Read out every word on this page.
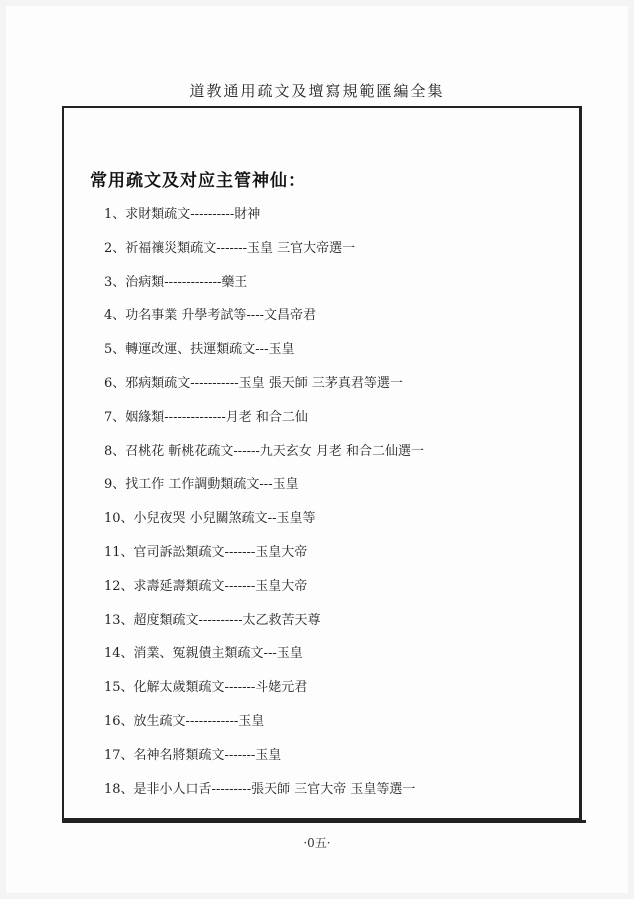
道教通用疏文及壇寫規範匯編全集
常用疏文及对应主管神仙：
1、求財類疏文----------財神
2、祈福禳災類疏文-------玉皇 三官大帝選一
3、治病類-------------藥王
4、功名事業 升學考試等----文昌帝君
5、轉運改運、扶運類疏文---玉皇
6、邪病類疏文-----------玉皇 張天師 三茅真君等選一
7、姻緣類--------------月老 和合二仙
8、召桃花 斬桃花疏文------九天玄女 月老 和合二仙選一
9、找工作 工作調動類疏文---玉皇
10、小兒夜哭 小兒關煞疏文--玉皇等
11、官司訴訟類疏文-------玉皇大帝
12、求壽延壽類疏文-------玉皇大帝
13、超度類疏文----------太乙救苦天尊
14、消業、冤親債主類疏文---玉皇
15、化解太歲類疏文-------斗姥元君
16、放生疏文------------玉皇
17、名神名將類疏文-------玉皇
18、是非小人口舌---------張天師 三官大帝 玉皇等選一
·0五·
